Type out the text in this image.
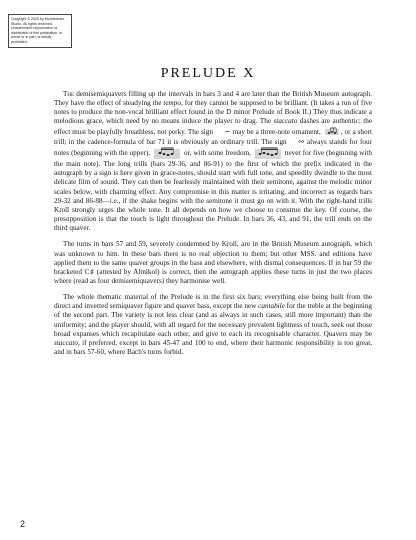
Copyright © 2025 by Mondschein Studio. All rights reserved. Unauthorized reproduction or distribution of this publication, in whole or in part, is strictly prohibited.
PRELUDE X

The demisemiquavers filling up the intervals in bars 3 and 4 are later than the British Museum autograph. They have the effect of steadying the tempo, for they cannot be supposed to be brilliant. (It takes a run of five notes to produce the non-vocal brilliant effect found in the D minor Prelude of Book II.) They thus indicate a melodious grace, which need by no means induce the player to drag. The staccato dashes are authentic; the effect must be playfully breathless, not perky. The sign ∼ may be a three-note ornament,	, or a short trill; in the cadence-formula of bar 71 it is obviously an ordinary trill. The sign ∾ always stands for four notes (beginning with the upper),	or, with some freedom,	never for five (beginning with the main note). The long trills (bars 29-36, and 86-91) to the first of which the prefix indicated in the autograph by a sign is here given in grace-notes, should start with full tone, and speedily dwindle to the most delicate film of sound. They can then be fearlessly maintained with their semitone, against the melodic minor scales below, with charming effect. Any compromise in this matter is irritating, and incorrect as regards bars 29-32 and 86-88—i.e., if the shake begins with the semitone it must go on with it. With the right-hand trills Kroll strongly urges the whole tone. It all depends on how we choose to construe the key. Of course, the presupposition is that the touch is light throughout the Prelude. In bars 36, 43, and 91, the trill ends on the third quaver.

The turns in bars 57 and 59, severely condemned by Kroll, are in the British Museum autograph, which was unknown to him. In these bars there is no real objection to them; but other MSS. and editions have applied them to the same quaver groups in the bass and elsewhere, with dismal consequences. If in bar 59 the bracketed C♯ (attested by Altnikol) is correct, then the autograph applies these turns in just the two places where (read as four demisemiquavers) they harmonise well.

The whole thematic material of the Prelude is in the first six bars; everything else being built from the direct and inverted semiquaver figure and quaver bass, except the new cantabile for the treble at the beginning of the second part. The variety is not less clear (and as always in such cases, still more important) than the uniformity; and the player should, with all regard for the necessary prevalent lightness of touch, seek out those broad expanses which recapitulate each other, and give to each its recognisable character. Quavers may be staccato, if preferred, except in bars 45-47 and 100 to end, where their harmonic responsibility is too great, and in bars 57-60, where Bach's turns forbid.

2
